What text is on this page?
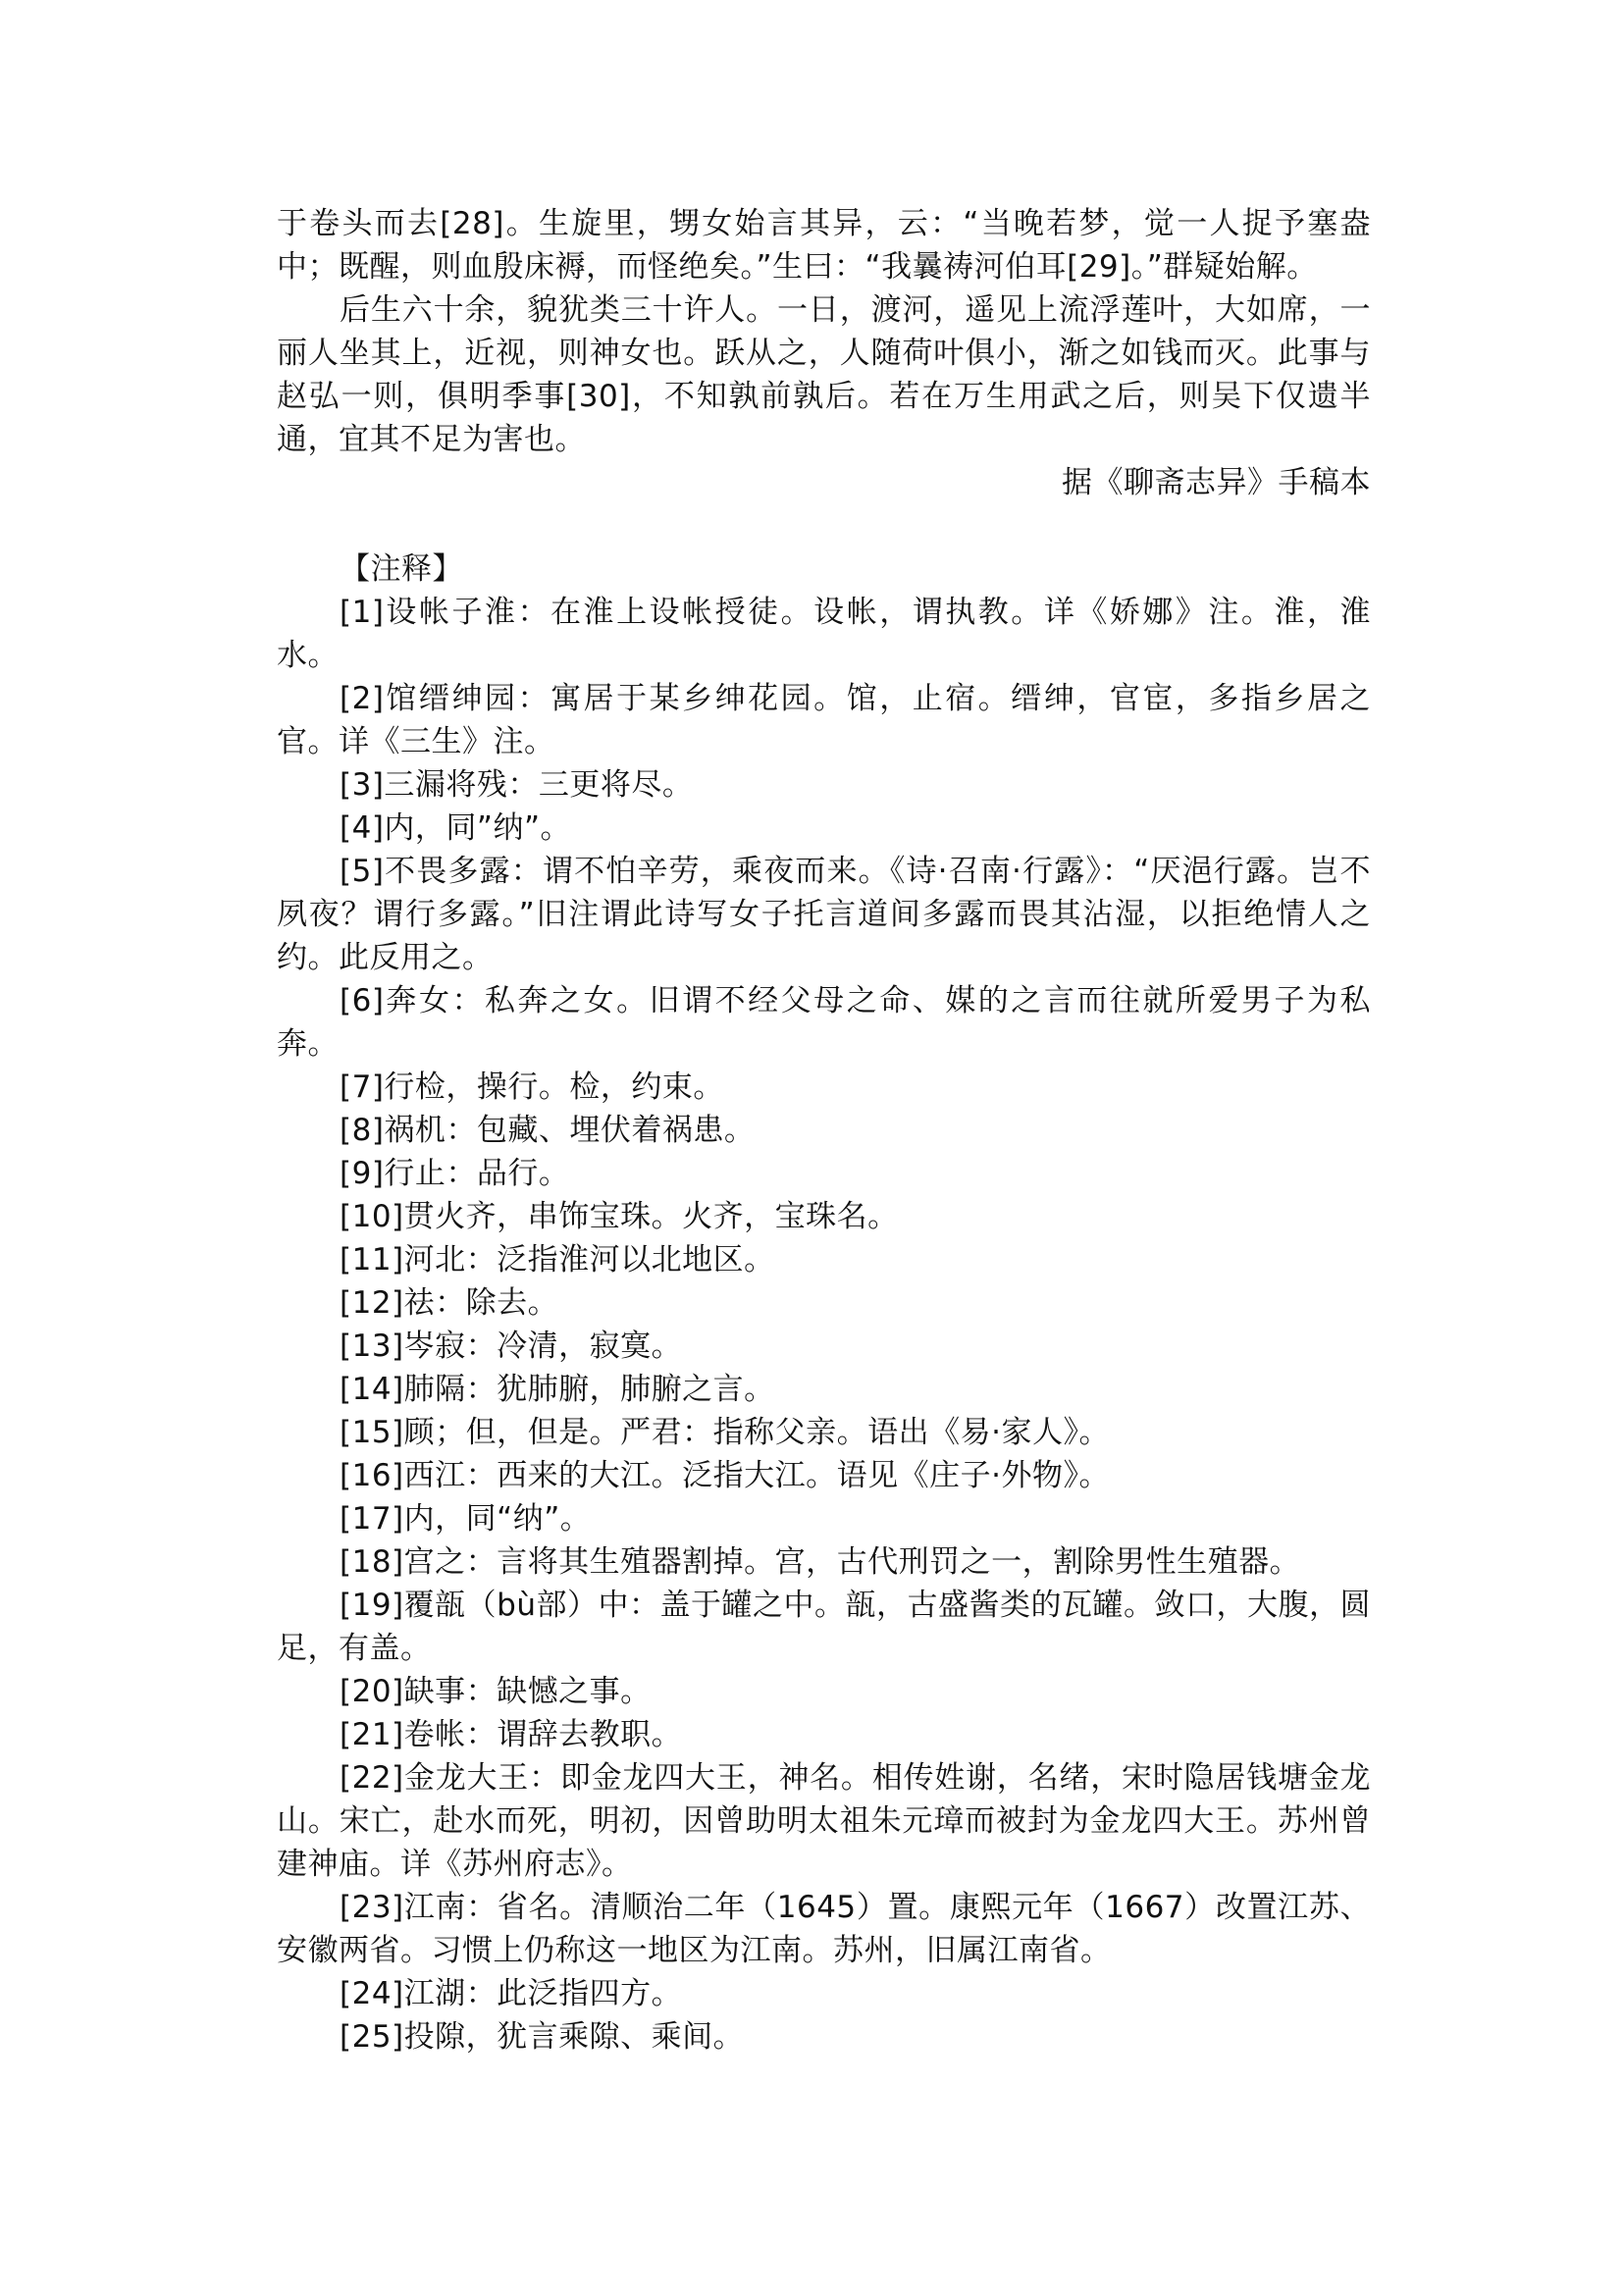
于卷头而去[28]。生旋里，甥女始言其异，云：“当晚若梦，觉一人捉予塞盎中；既醒，则血殷床褥，而怪绝矣。”生曰：“我曩祷河伯耳[29]。”群疑始解。

后生六十余，貌犹类三十许人。一日，渡河，遥见上流浮莲叶，大如席，一丽人坐其上，近视，则神女也。跃从之，人随荷叶俱小，渐之如钱而灭。此事与赵弘一则，俱明季事[30]，不知孰前孰后。若在万生用武之后，则吴下仅遗半通，宜其不足为害也。

据《聊斋志异》手稿本

【注释】

[1]设帐子淮：在淮上设帐授徒。设帐，谓执教。详《娇娜》注。淮，淮水。

[2]馆缙绅园：寓居于某乡绅花园。馆，止宿。缙绅，官宦，多指乡居之官。详《三生》注。

[3]三漏将残：三更将尽。

[4]内，同”纳”。

[5]不畏多露：谓不怕辛劳，乘夜而来。《诗·召南·行露》：“厌浥行露。岂不夙夜？谓行多露。”旧注谓此诗写女子托言道间多露而畏其沾湿，以拒绝情人之约。此反用之。

[6]奔女：私奔之女。旧谓不经父母之命、媒的之言而往就所爱男子为私奔。

[7]行检，操行。检，约束。

[8]祸机：包藏、埋伏着祸患。

[9]行止：品行。

[10]贯火齐，串饰宝珠。火齐，宝珠名。

[11]河北：泛指淮河以北地区。

[12]祛：除去。

[13]岑寂：冷清，寂寞。

[14]肺隔：犹肺腑，肺腑之言。

[15]顾；但，但是。严君：指称父亲。语出《易·家人》。

[16]西江：西来的大江。泛指大江。语见《庄子·外物》。

[17]内，同“纳”。

[18]宫之：言将其生殖器割掉。宫，古代刑罚之一，割除男性生殖器。

[19]覆瓿（bù部）中：盖于罐之中。瓿，古盛酱类的瓦罐。敛口，大腹，圆足，有盖。

[20]缺事：缺憾之事。

[21]卷帐：谓辞去教职。

[22]金龙大王：即金龙四大王，神名。相传姓谢，名绪，宋时隐居钱塘金龙山。宋亡，赴水而死，明初，因曾助明太祖朱元璋而被封为金龙四大王。苏州曾建神庙。详《苏州府志》。

[23]江南：省名。清顺治二年（1645）置。康熙元年（1667）改置江苏、安徽两省。习惯上仍称这一地区为江南。苏州，旧属江南省。

[24]江湖：此泛指四方。

[25]投隙，犹言乘隙、乘间。
